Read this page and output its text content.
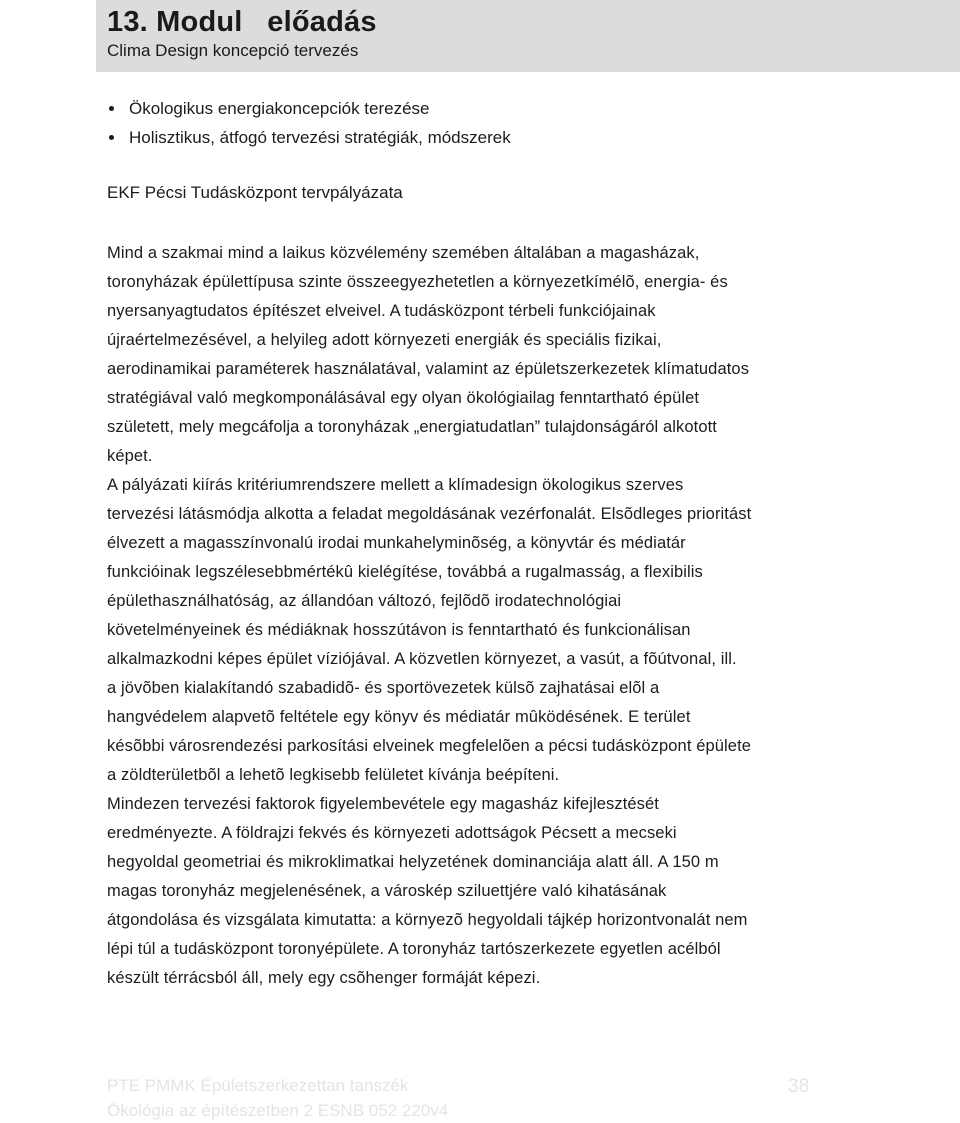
13. Modul   előadás
Clima Design koncepció tervezés
Ökologikus energiakoncepciók terezése
Holisztikus, átfogó tervezési stratégiák, módszerek
EKF Pécsi Tudásközpont tervpályázata
Mind a szakmai mind a laikus közvélemény szemében általában a magasházak,
toronyházak épülettípusa szinte összeegyezhetetlen a környezetkímélõ, energia- és
nyersanyagtudatos építészet elveivel. A tudásközpont térbeli funkciójainak
újraértelmezésével, a helyileg adott környezeti energiák és speciális fizikai,
aerodinamikai paraméterek használatával, valamint az épületszerkezetek klímatudatos
stratégiával való megkomponálásával egy olyan ökológiailag fenntartható épület
született, mely megcáfolja a toronyházak „energiatudatlan” tulajdonságáról alkotott
képet.
A pályázati kiírás kritériumrendszere mellett a klímadesign ökologikus szerves
tervezési látásmódja alkotta a feladat megoldásának vezérfonalát. Elsõdleges prioritást
élvezett a magasszínvonalú irodai munkahelyminõség, a könyvtár és médiatár
funkcióinak legszélesebbmértékû kielégítése, továbbá a rugalmasság, a flexibilis
épülethasználhatóság, az állandóan változó, fejlõdõ irodatechnológiai
követelményeinek és médiáknak hosszútávon is fenntartható és funkcionálisan
alkalmazkodni képes épület víziójával. A közvetlen környezet, a vasút, a fõútvonal, ill.
a jövõben kialakítandó szabadidõ- és sportövezetek külsõ zajhatásai elõl a
hangvédelem alapvetõ feltétele egy könyv és médiatár mûködésének. E terület
késõbbi városrendezési parkosítási elveinek megfelelõen a pécsi tudásközpont épülete
a zöldterületbõl a lehetõ legkisebb felületet kívánja beépíteni.
Mindezen tervezési faktorok figyelembevétele egy magasház kifejlesztését
eredményezte. A földrajzi fekvés és környezeti adottságok Pécsett a mecseki
hegyoldal geometriai és mikroklimatkai helyzetének dominanciája alatt áll. A 150 m
magas toronyház megjelenésének, a városkép sziluettjére való kihatásának
átgondolása és vizsgálata kimutatta: a környezõ hegyoldali tájkép horizontvonalát nem
lépi túl a tudásközpont toronyépülete. A toronyház tartószerkezete egyetlen acélból
készült térrácsból áll, mely egy csõhenger formáját képezi.
PTE PMMK Épületszerkezettan tanszék
Ökológia az építészetben 2 ESNB 052 220v4
38
